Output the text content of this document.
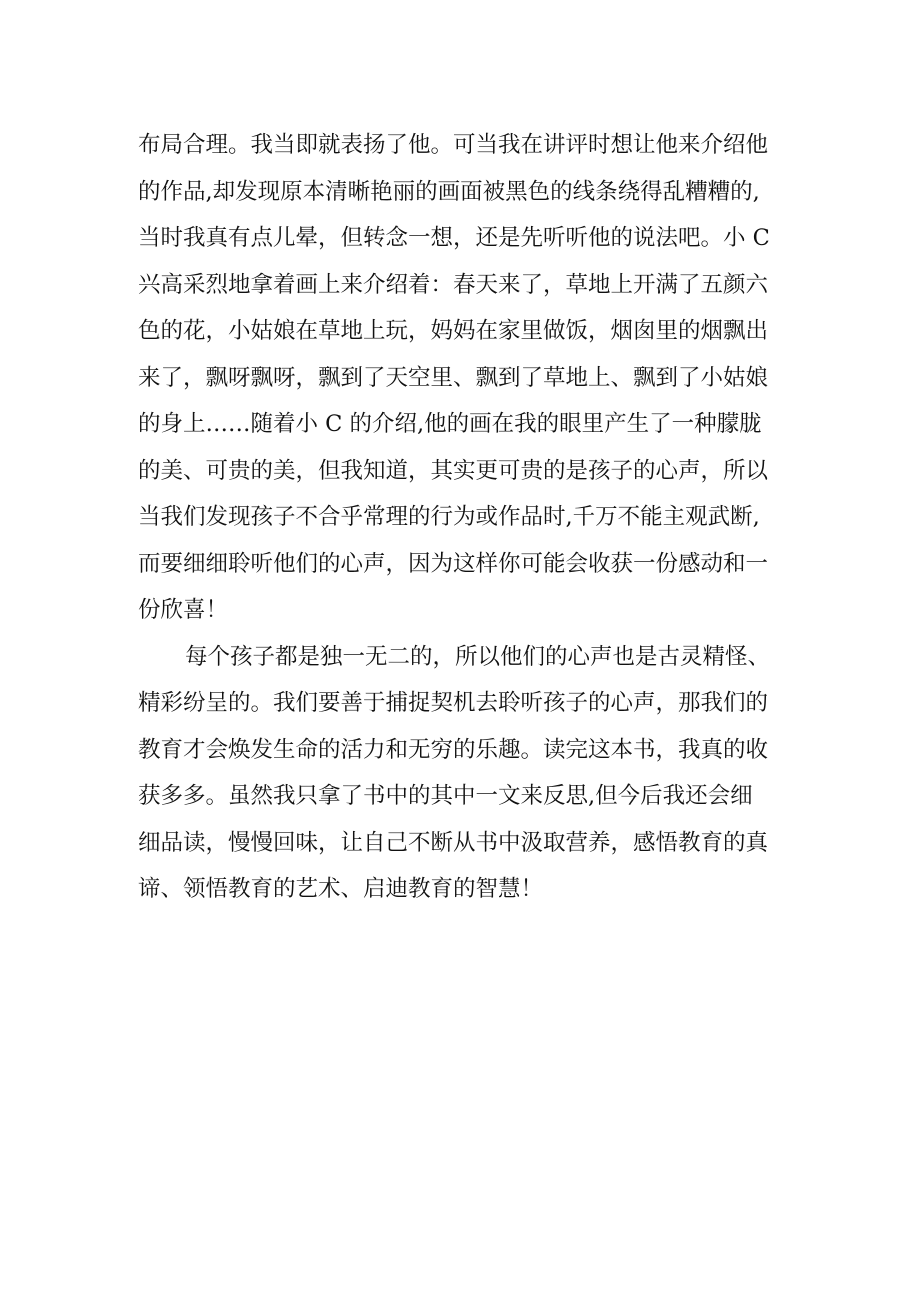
布局合理。我当即就表扬了他。可当我在讲评时想让他来介绍他
的作品,却发现原本清晰艳丽的画面被黑色的线条绕得乱糟糟的,
当时我真有点儿晕，但转念一想，还是先听听他的说法吧。小 C
兴高采烈地拿着画上来介绍着：春天来了，草地上开满了五颜六
色的花，小姑娘在草地上玩，妈妈在家里做饭，烟囱里的烟飘出
来了，飘呀飘呀，飘到了天空里、飘到了草地上、飘到了小姑娘
的身上……随着小 C 的介绍,他的画在我的眼里产生了一种朦胧
的美、可贵的美，但我知道，其实更可贵的是孩子的心声，所以
当我们发现孩子不合乎常理的行为或作品时,千万不能主观武断,
而要细细聆听他们的心声，因为这样你可能会收获一份感动和一
份欣喜！
每个孩子都是独一无二的，所以他们的心声也是古灵精怪、
精彩纷呈的。我们要善于捕捉契机去聆听孩子的心声，那我们的
教育才会焕发生命的活力和无穷的乐趣。读完这本书，我真的收
获多多。虽然我只拿了书中的其中一文来反思,但今后我还会细
细品读，慢慢回味，让自己不断从书中汲取营养，感悟教育的真
谛、领悟教育的艺术、启迪教育的智慧！
